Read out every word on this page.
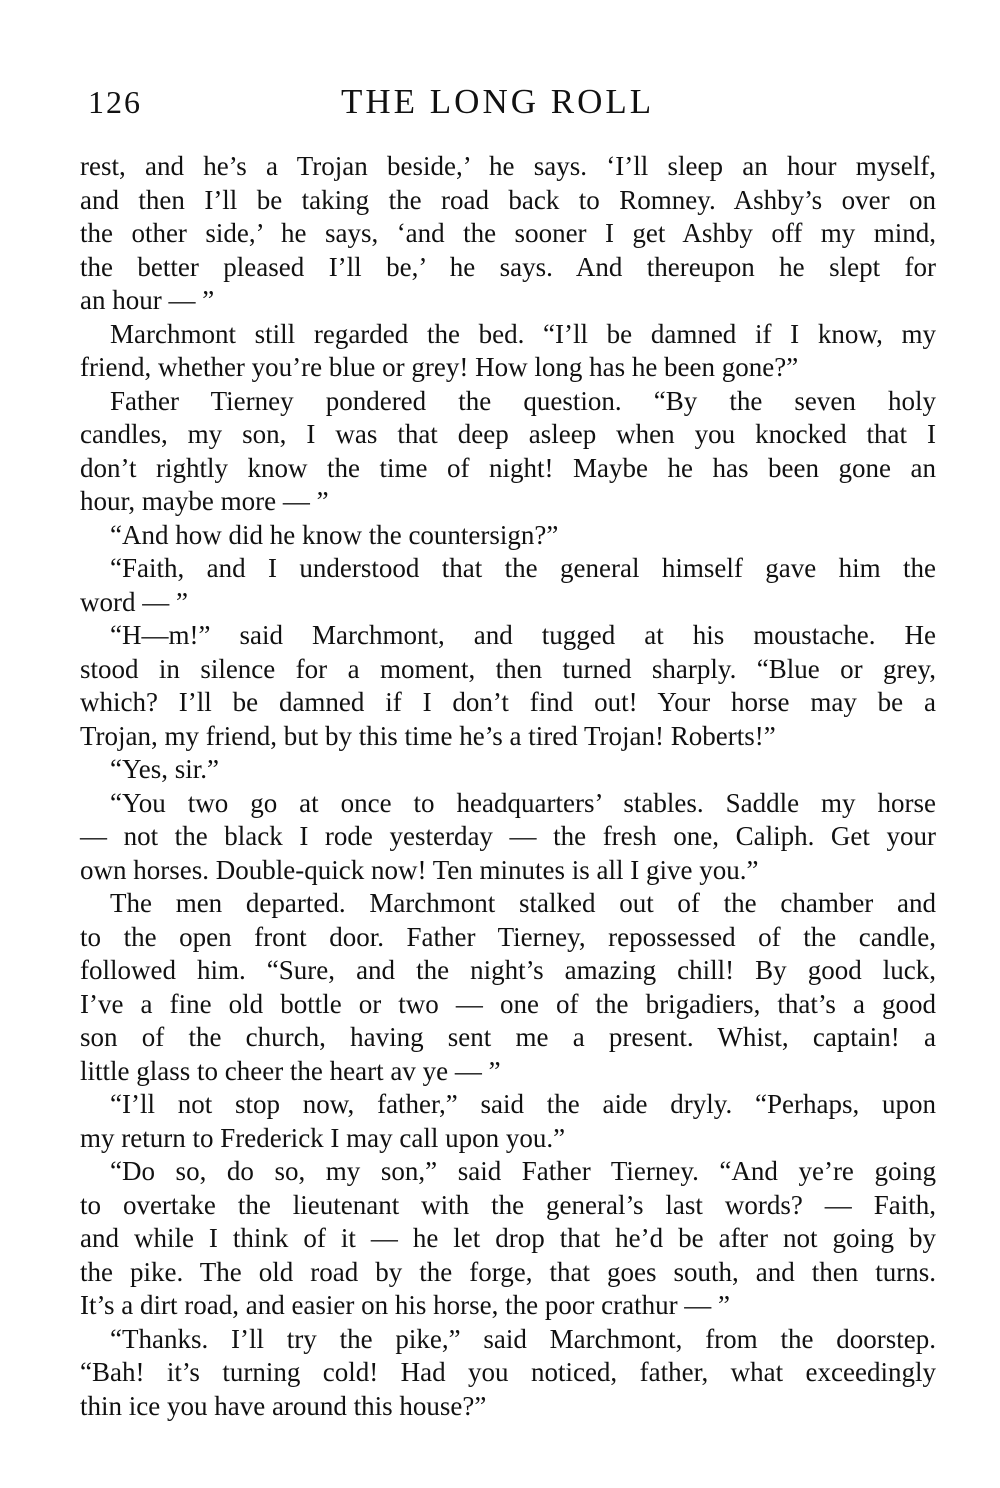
126	THE LONG ROLL
rest, and he’s a Trojan beside,’ he says. ‘I’ll sleep an hour myself,
and then I’ll be taking the road back to Romney. Ashby’s over on
the other side,’ he says, ‘and the sooner I get Ashby off my mind,
the better pleased I’ll be,’ he says. And thereupon he slept for
an hour — ”
Marchmont still regarded the bed. “I’ll be damned if I know, my
friend, whether you’re blue or grey! How long has he been gone?”
Father Tierney pondered the question. “By the seven holy
candles, my son, I was that deep asleep when you knocked that I
don’t rightly know the time of night! Maybe he has been gone an
hour, maybe more — ”
“And how did he know the countersign?”
“Faith, and I understood that the general himself gave him the
word — ”
“H—m!” said Marchmont, and tugged at his moustache. He
stood in silence for a moment, then turned sharply. “Blue or grey,
which? I’ll be damned if I don’t find out! Your horse may be a
Trojan, my friend, but by this time he’s a tired Trojan! Roberts!”
“Yes, sir.”
“You two go at once to headquarters’ stables. Saddle my horse
— not the black I rode yesterday — the fresh one, Caliph. Get your
own horses. Double-quick now! Ten minutes is all I give you.”
The men departed. Marchmont stalked out of the chamber and
to the open front door. Father Tierney, repossessed of the candle,
followed him. “Sure, and the night’s amazing chill! By good luck,
I’ve a fine old bottle or two — one of the brigadiers, that’s a good
son of the church, having sent me a present. Whist, captain! a
little glass to cheer the heart av ye — ”
“I’ll not stop now, father,” said the aide dryly. “Perhaps, upon
my return to Frederick I may call upon you.”
“Do so, do so, my son,” said Father Tierney. “And ye’re going
to overtake the lieutenant with the general’s last words? — Faith,
and while I think of it — he let drop that he’d be after not going by
the pike. The old road by the forge, that goes south, and then turns.
It’s a dirt road, and easier on his horse, the poor crathur — ”
“Thanks. I’ll try the pike,” said Marchmont, from the doorstep.
“Bah! it’s turning cold! Had you noticed, father, what exceedingly
thin ice you have around this house?”
